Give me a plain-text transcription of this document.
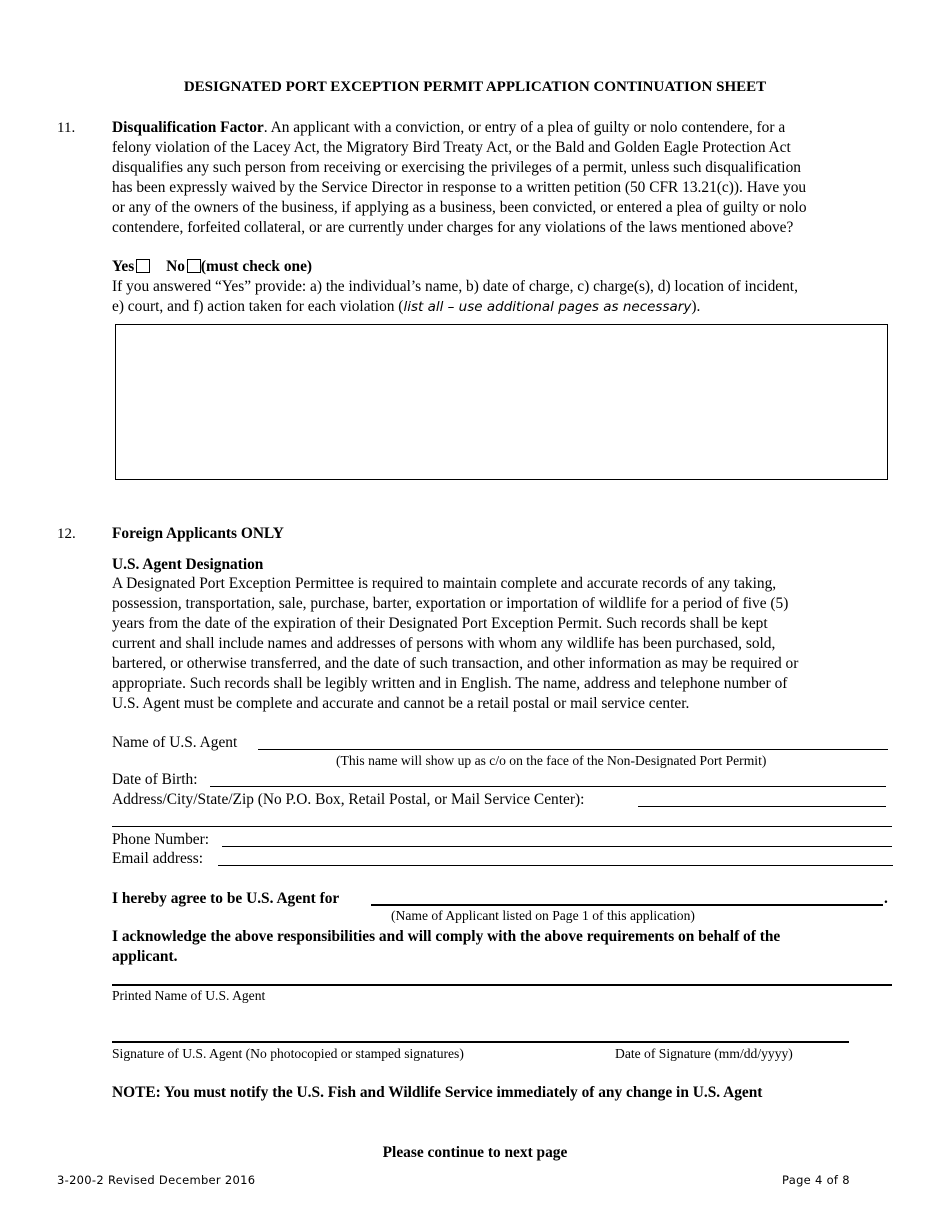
DESIGNATED PORT EXCEPTION PERMIT APPLICATION CONTINUATION SHEET
11. Disqualification Factor. An applicant with a conviction, or entry of a plea of guilty or nolo contendere, for a
felony violation of the Lacey Act, the Migratory Bird Treaty Act, or the Bald and Golden Eagle Protection Act
disqualifies any such person from receiving or exercising the privileges of a permit, unless such disqualification
has been expressly waived by the Service Director in response to a written petition (50 CFR 13.21(c)). Have you
or any of the owners of the business, if applying as a business, been convicted, or entered a plea of guilty or nolo
contendere, forfeited collateral, or are currently under charges for any violations of the laws mentioned above?
Yes No (must check one)
If you answered “Yes” provide: a) the individual’s name, b) date of charge, c) charge(s), d) location of incident,
e) court, and f) action taken for each violation (list all – use additional pages as necessary).
12. Foreign Applicants ONLY
U.S. Agent Designation
A Designated Port Exception Permittee is required to maintain complete and accurate records of any taking,
possession, transportation, sale, purchase, barter, exportation or importation of wildlife for a period of five (5)
years from the date of the expiration of their Designated Port Exception Permit. Such records shall be kept
current and shall include names and addresses of persons with whom any wildlife has been purchased, sold,
bartered, or otherwise transferred, and the date of such transaction, and other information as may be required or
appropriate. Such records shall be legibly written and in English. The name, address and telephone number of
U.S. Agent must be complete and accurate and cannot be a retail postal or mail service center.
Name of U.S. Agent
(This name will show up as c/o on the face of the Non-Designated Port Permit)
Date of Birth:
Address/City/State/Zip (No P.O. Box, Retail Postal, or Mail Service Center):
Phone Number:
Email address:
I hereby agree to be U.S. Agent for	.
(Name of Applicant listed on Page 1 of this application)
I acknowledge the above responsibilities and will comply with the above requirements on behalf of the
applicant.
Printed Name of U.S. Agent
Signature of U.S. Agent (No photocopied or stamped signatures)	Date of Signature (mm/dd/yyyy)
NOTE: You must notify the U.S. Fish and Wildlife Service immediately of any change in U.S. Agent
Please continue to next page
3-200-2 Revised December 2016	Page 4 of 8
